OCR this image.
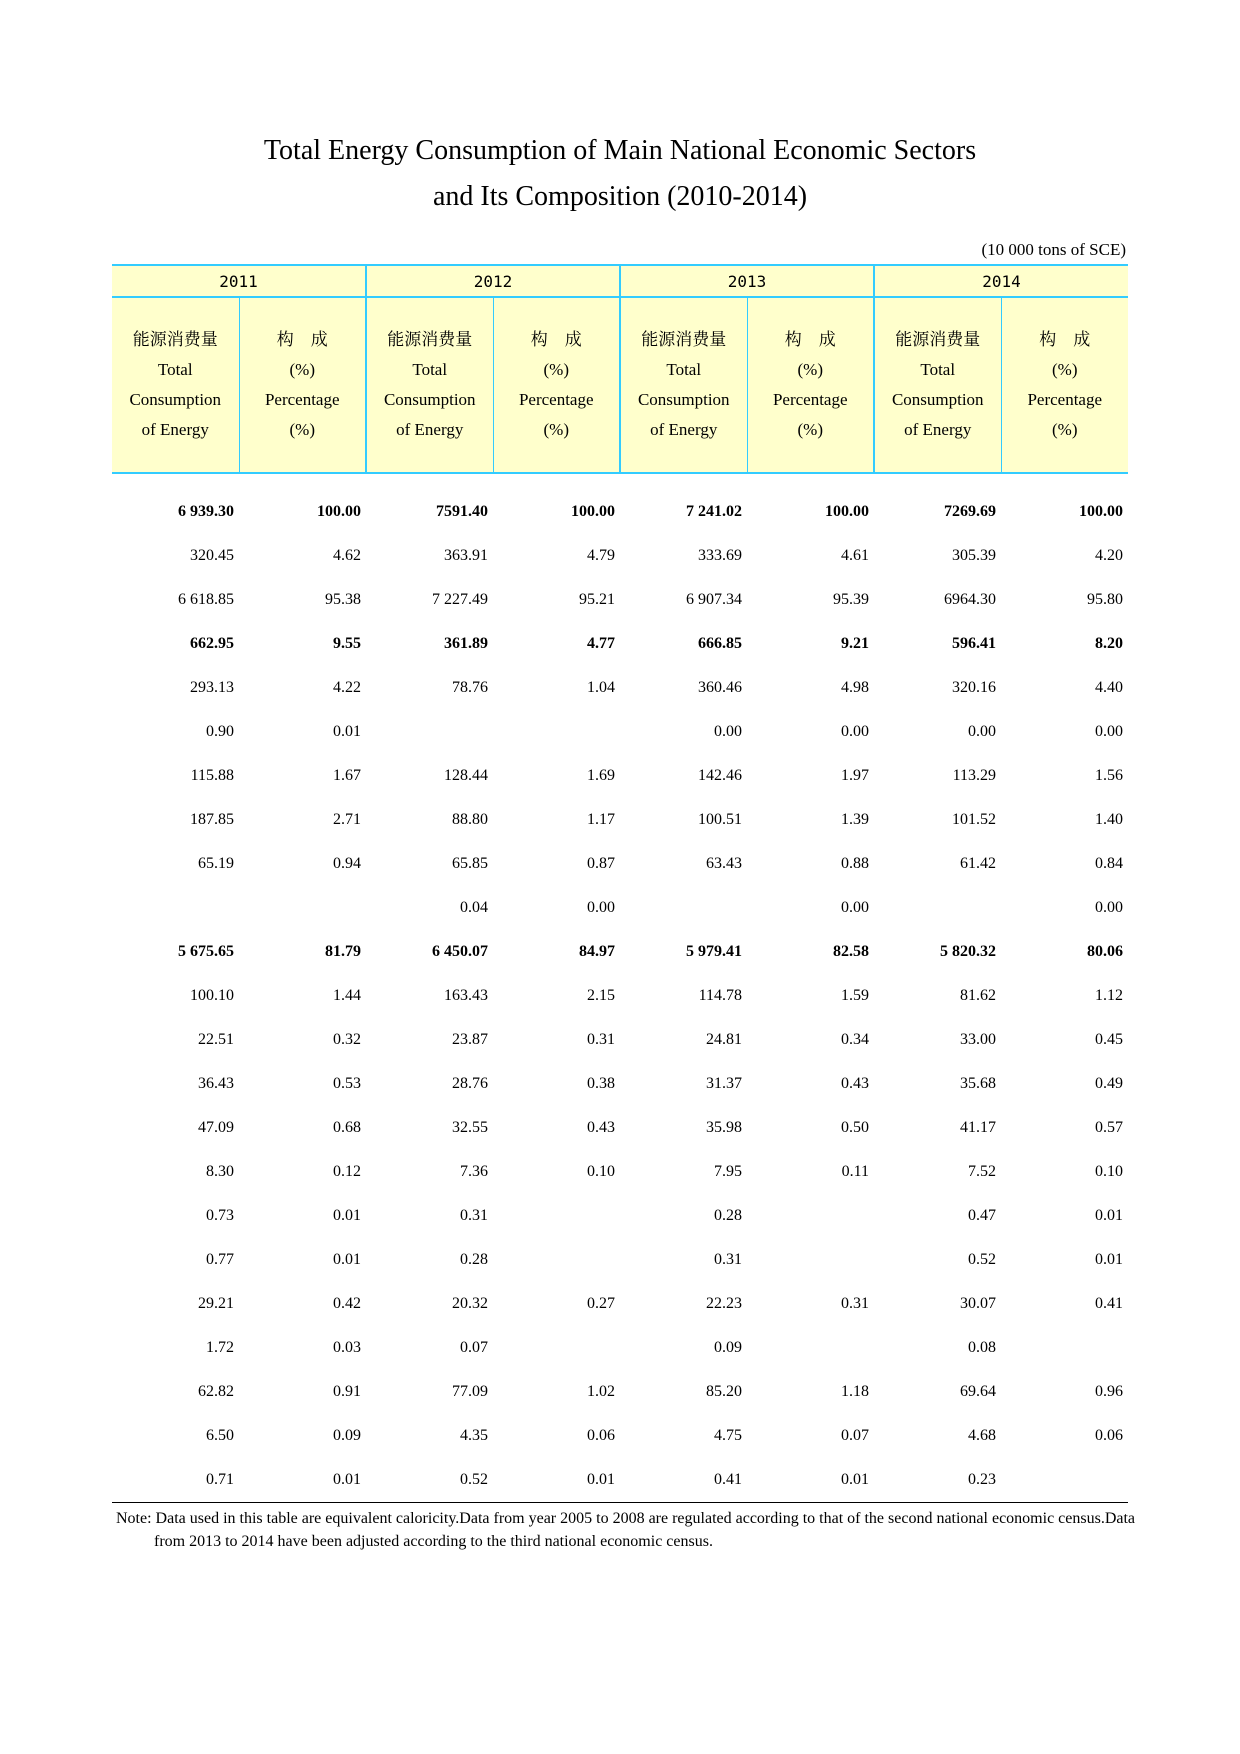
Total Energy Consumption of Main National Economic Sectors
and Its Composition (2010-2014)
(10 000 tons of SCE)
2011		2012		2013		2014	

能源消费量
Total
Consumption
of Energy	构　成
(%)
Percentage
(%)	能源消费量
Total
Consumption
of Energy	构　成
(%)
Percentage
(%)	能源消费量
Total
Consumption
of Energy	构　成
(%)
Percentage
(%)	能源消费量
Total
Consumption
of Energy	构　成
(%)
Percentage
(%)

6 939.30	100.00	7591.40	100.00	7 241.02	100.00	7269.69	100.00
320.45	4.62	363.91	4.79	333.69	4.61	305.39	4.20
6 618.85	95.38	7 227.49	95.21	6 907.34	95.39	6964.30	95.80
662.95	9.55	361.89	4.77	666.85	9.21	596.41	8.20
293.13	4.22	78.76	1.04	360.46	4.98	320.16	4.40
0.90	0.01			0.00	0.00	0.00	0.00
115.88	1.67	128.44	1.69	142.46	1.97	113.29	1.56
187.85	2.71	88.80	1.17	100.51	1.39	101.52	1.40
65.19	0.94	65.85	0.87	63.43	0.88	61.42	0.84
		0.04	0.00		0.00		0.00
5 675.65	81.79	6 450.07	84.97	5 979.41	82.58	5 820.32	80.06
100.10	1.44	163.43	2.15	114.78	1.59	81.62	1.12
22.51	0.32	23.87	0.31	24.81	0.34	33.00	0.45
36.43	0.53	28.76	0.38	31.37	0.43	35.68	0.49
47.09	0.68	32.55	0.43	35.98	0.50	41.17	0.57
8.30	0.12	7.36	0.10	7.95	0.11	7.52	0.10
0.73	0.01	0.31		0.28		0.47	0.01
0.77	0.01	0.28		0.31		0.52	0.01
29.21	0.42	20.32	0.27	22.23	0.31	30.07	0.41
1.72	0.03	0.07		0.09		0.08	
62.82	0.91	77.09	1.02	85.20	1.18	69.64	0.96
6.50	0.09	4.35	0.06	4.75	0.07	4.68	0.06
0.71	0.01	0.52	0.01	0.41	0.01	0.23	
Note: Data used in this table are equivalent caloricity.Data from year 2005 to 2008 are regulated according to that of the second national economic census.Data
from 2013 to 2014 have been adjusted according to the third national economic census.
